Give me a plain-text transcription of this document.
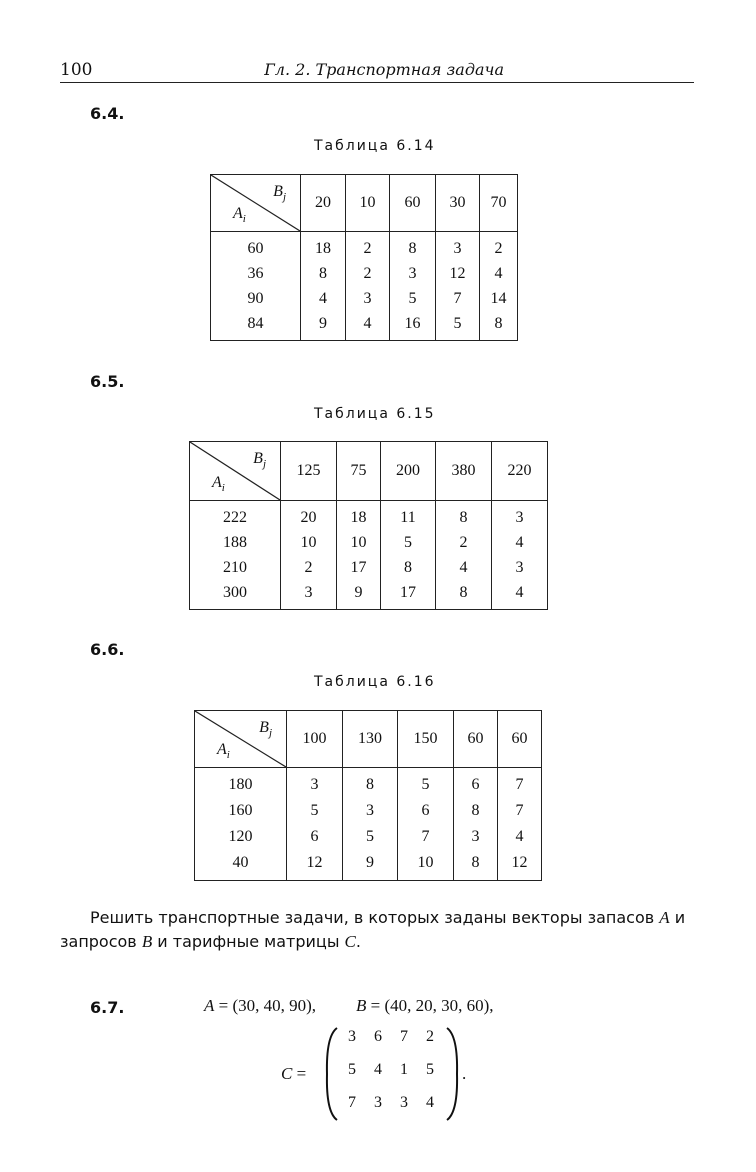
100	Гл. 2. Транспортная задача
6.4.
Таблица 6.14
$B_j$
$A_i$	20	10	60	30	70
60	18	2	8	3	2
36	8	2	3	12	4
90	4	3	5	7	14
84	9	4	16	5	8
6.5.
Таблица 6.15
$B_j$
$A_i$	125	75	200	380	220
222	20	18	11	8	3
188	10	10	5	2	4
210	2	17	8	4	3
300	3	9	17	8	4
6.6.
Таблица 6.16
$B_j$
$A_i$	100	130	150	60	60
180	3	8	5	6	7
160	5	3	6	8	7
120	6	5	7	3	4
40	12	9	10	8	12
Решить транспортные задачи, в которых заданы векторы запасов A и запросов B и тарифные матрицы C.
6.7.	A = (30, 40, 90), B = (40, 20, 30, 60),
C =
3	6	7	2
5	4	1	5
7	3	3	4
.
